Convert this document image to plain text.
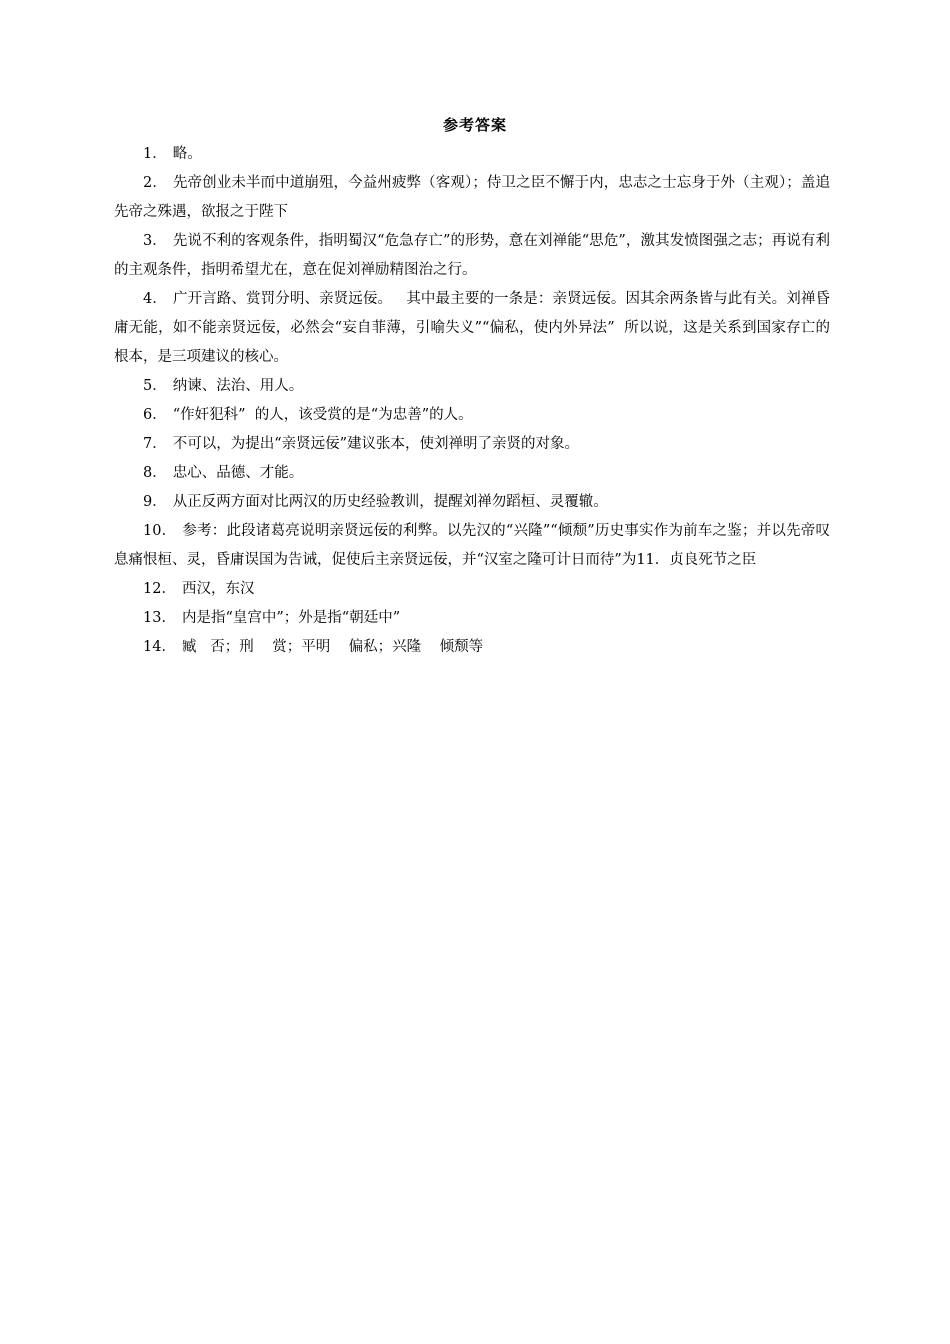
参考答案

1． 略。

2． 先帝创业未半而中道崩殂，今益州疲弊（客观）；侍卫之臣不懈于内，忠志之士忘身于外（主观）；盖追先帝之殊遇，欲报之于陛下

3． 先说不利的客观条件，指明蜀汉“危急存亡”的形势，意在刘禅能“思危”，激其发愤图强之志；再说有利的主观条件，指明希望尤在，意在促刘禅励精图治之行。

4． 广开言路、赏罚分明、亲贤远佞。   其中最主要的一条是：亲贤远佞。因其余两条皆与此有关。刘禅昏庸无能，如不能亲贤远佞，必然会“妄自菲薄，引喻失义”“偏私，使内外异法”  所以说，这是关系到国家存亡的根本，是三项建议的核心。

5． 纳谏、法治、用人。

6． “作奸犯科”  的人，该受赏的是“为忠善”的人。

7． 不可以，为提出“亲贤远佞”建议张本，使刘禅明了亲贤的对象。

8． 忠心、品德、才能。

9． 从正反两方面对比两汉的历史经验教训，提醒刘禅勿蹈桓、灵覆辙。

10． 参考：此段诸葛亮说明亲贤远佞的利弊。以先汉的“兴隆”“倾颓”历史事实作为前车之鉴；并以先帝叹息痛恨桓、灵，昏庸误国为告诫，促使后主亲贤远佞，并“汉室之隆可计日而待”为11．贞良死节之臣

12． 西汉，东汉

13． 内是指“皇宫中”；外是指“朝廷中”

14． 臧   否；刑    赏；平明    偏私；兴隆    倾颓等
